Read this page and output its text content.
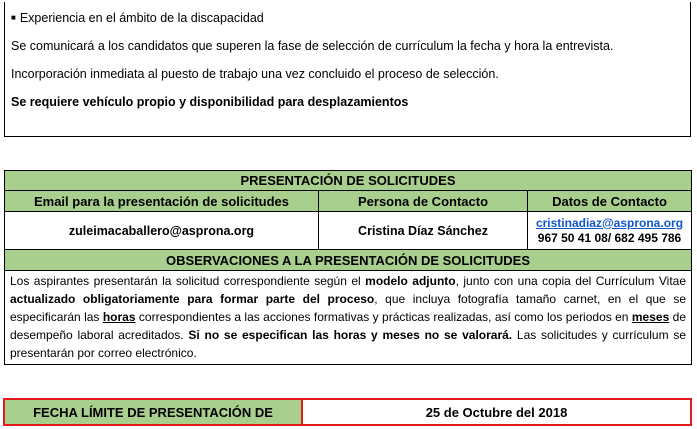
■ Experiencia en el ámbito de la discapacidad

Se comunicará a los candidatos que superen la fase de selección de currículum la fecha y hora la entrevista.

Incorporación inmediata al puesto de trabajo una vez concluido el proceso de selección.

Se requiere vehículo propio y disponibilidad para desplazamientos

PRESENTACIÓN DE SOLICITUDES		
Email para la presentación de solicitudes	Persona de Contacto	Datos de Contacto
zuleimacaballero@asprona.org	Cristina Díaz Sánchez	cristinadiaz@asprona.org
967 50 41 08/ 682 495 786

OBSERVACIONES A LA PRESENTACIÓN DE SOLICITUDES		
Los aspirantes presentarán la solicitud correspondiente según el modelo adjunto, junto con una copia del Currículum Vitae actualizado obligatoriamente para formar parte del proceso, que incluya fotografía tamaño carnet, en el que se especificarán las horas correspondientes a las acciones formativas y prácticas realizadas, así como los periodos en meses de desempeño laboral acreditados. Si no se especifican las horas y meses no se valorará. Las solicitudes y currículum se presentarán por correo electrónico.		
FECHA LÍMITE DE PRESENTACIÓN DE	25 de Octubre del 2018
